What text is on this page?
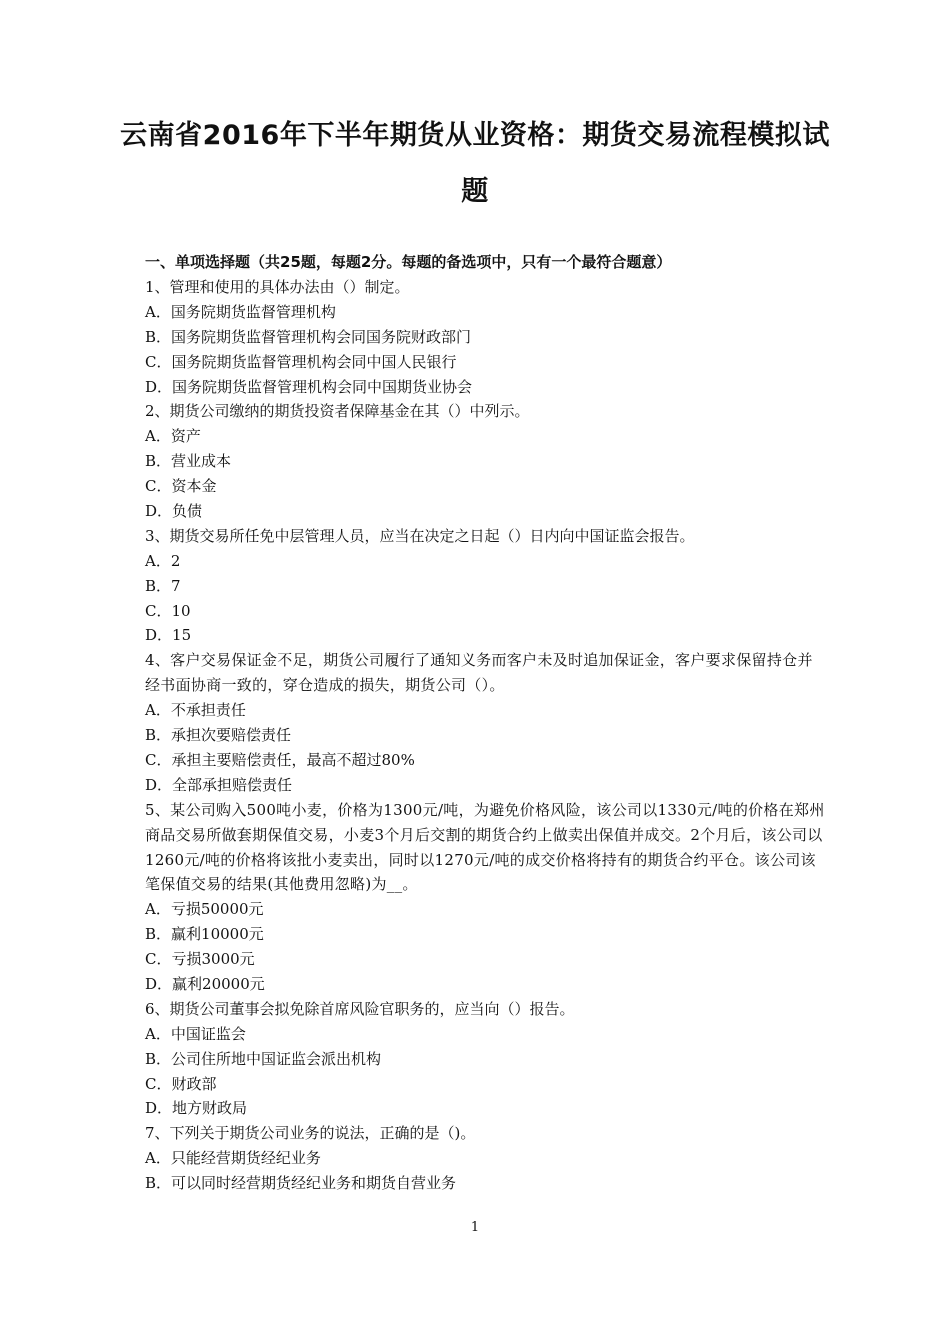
云南省2016年下半年期货从业资格：期货交易流程模拟试题
一、单项选择题（共25题，每题2分。每题的备选项中，只有一个最符合题意）
1、管理和使用的具体办法由（）制定。
A．国务院期货监督管理机构
B．国务院期货监督管理机构会同国务院财政部门
C．国务院期货监督管理机构会同中国人民银行
D．国务院期货监督管理机构会同中国期货业协会
2、期货公司缴纳的期货投资者保障基金在其（）中列示。
A．资产
B．营业成本
C．资本金
D．负债
3、期货交易所任免中层管理人员，应当在决定之日起（）日内向中国证监会报告。
A．2
B．7
C．10
D．15
4、客户交易保证金不足，期货公司履行了通知义务而客户未及时追加保证金，客户要求保留持仓并经书面协商一致的，穿仓造成的损失，期货公司（）。
A．不承担责任
B．承担次要赔偿责任
C．承担主要赔偿责任，最高不超过80%
D．全部承担赔偿责任
5、某公司购入500吨小麦，价格为1300元/吨，为避免价格风险，该公司以1330元/吨的价格在郑州商品交易所做套期保值交易，小麦3个月后交割的期货合约上做卖出保值并成交。2个月后，该公司以1260元/吨的价格将该批小麦卖出，同时以1270元/吨的成交价格将持有的期货合约平仓。该公司该笔保值交易的结果(其他费用忽略)为__。
A．亏损50000元
B．赢利10000元
C．亏损3000元
D．赢利20000元
6、期货公司董事会拟免除首席风险官职务的，应当向（）报告。
A．中国证监会
B．公司住所地中国证监会派出机构
C．财政部
D．地方财政局
7、下列关于期货公司业务的说法，正确的是（)。
A．只能经营期货经纪业务
B．可以同时经营期货经纪业务和期货自营业务
1
